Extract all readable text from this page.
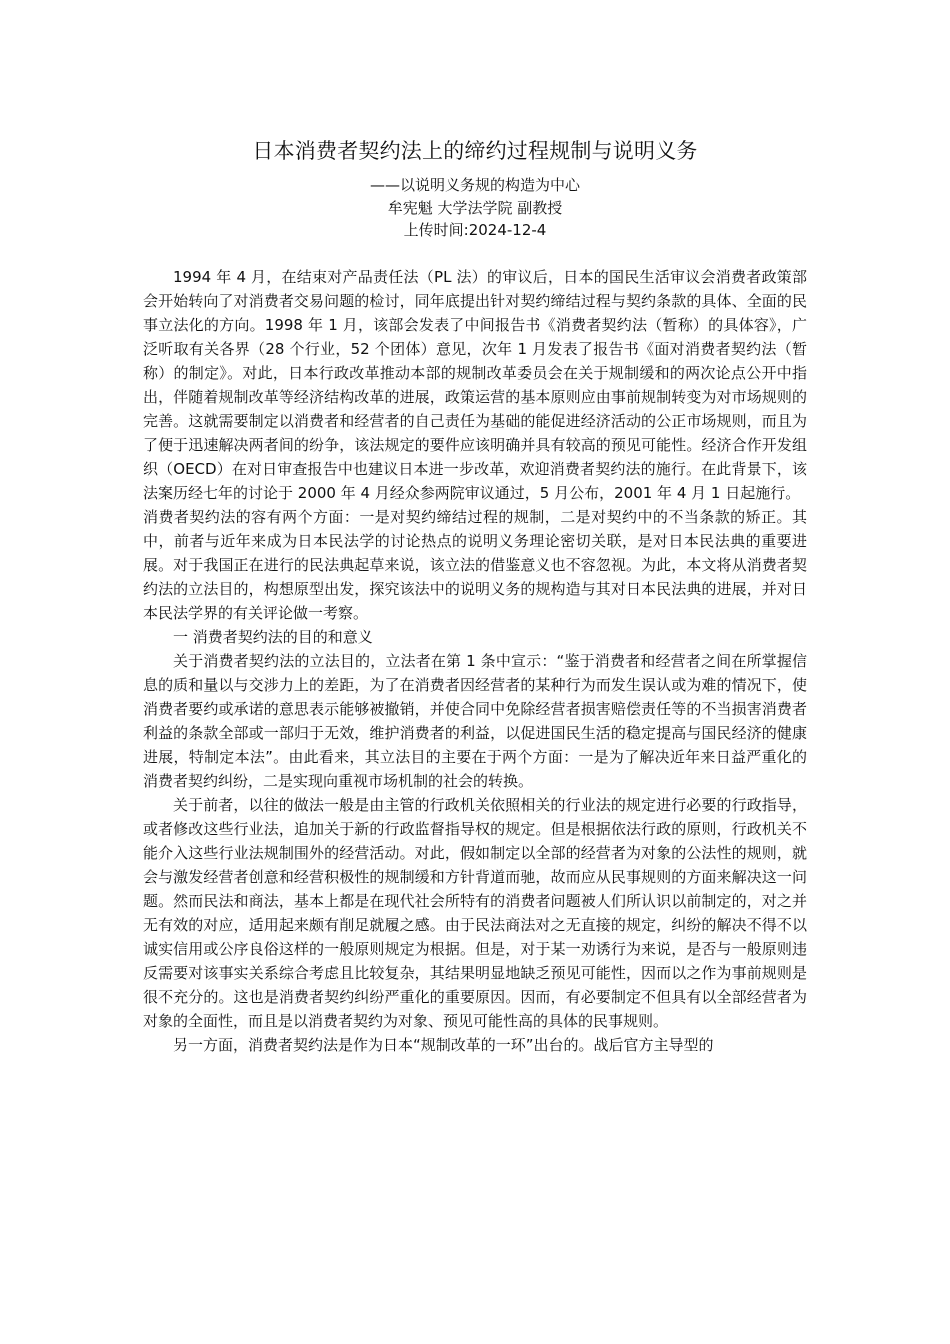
日本消费者契约法上的缔约过程规制与说明义务

——以说明义务规的构造为中心

牟宪魁 大学法学院 副教授

上传时间:2024-12-4

1994 年 4 月，在结束对产品责任法（PL 法）的审议后，日本的国民生活审议会消费者政策部会开始转向了对消费者交易问题的检讨，同年底提出针对契约缔结过程与契约条款的具体、全面的民事立法化的方向。1998 年 1 月，该部会发表了中间报告书《消费者契约法（暂称）的具体容》，广泛听取有关各界（28 个行业，52 个团体）意见，次年 1 月发表了报告书《面对消费者契约法（暂称）的制定》。对此，日本行政改革推动本部的规制改革委员会在关于规制缓和的两次论点公开中指出，伴随着规制改革等经济结构改革的进展，政策运营的基本原则应由事前规制转变为对市场规则的完善。这就需要制定以消费者和经营者的自己责任为基础的能促进经济活动的公正市场规则，而且为了便于迅速解决两者间的纷争，该法规定的要件应该明确并具有较高的预见可能性。经济合作开发组织（OECD）在对日审查报告中也建议日本进一步改革，欢迎消费者契约法的施行。在此背景下，该法案历经七年的讨论于 2000 年 4 月经众参两院审议通过，5 月公布，2001 年 4 月 1 日起施行。

消费者契约法的容有两个方面：一是对契约缔结过程的规制，二是对契约中的不当条款的矫正。其中，前者与近年来成为日本民法学的讨论热点的说明义务理论密切关联，是对日本民法典的重要进展。对于我国正在进行的民法典起草来说，该立法的借鉴意义也不容忽视。为此，本文将从消费者契约法的立法目的，构想原型出发，探究该法中的说明义务的规构造与其对日本民法典的进展，并对日本民法学界的有关评论做一考察。

一 消费者契约法的目的和意义

关于消费者契约法的立法目的，立法者在第 1 条中宣示：“鉴于消费者和经营者之间在所掌握信息的质和量以与交涉力上的差距，为了在消费者因经营者的某种行为而发生误认或为难的情况下，使消费者要约或承诺的意思表示能够被撤销，并使合同中免除经营者损害赔偿责任等的不当损害消费者利益的条款全部或一部归于无效，维护消费者的利益，以促进国民生活的稳定提高与国民经济的健康进展，特制定本法”。由此看来，其立法目的主要在于两个方面：一是为了解决近年来日益严重化的消费者契约纠纷，二是实现向重视市场机制的社会的转换。

关于前者，以往的做法一般是由主管的行政机关依照相关的行业法的规定进行必要的行政指导，或者修改这些行业法，追加关于新的行政监督指导权的规定。但是根据依法行政的原则，行政机关不能介入这些行业法规制围外的经营活动。对此，假如制定以全部的经营者为对象的公法性的规则，就会与激发经营者创意和经营积极性的规制缓和方针背道而驰，故而应从民事规则的方面来解决这一问题。然而民法和商法，基本上都是在现代社会所特有的消费者问题被人们所认识以前制定的，对之并无有效的对应，适用起来颇有削足就履之感。由于民法商法对之无直接的规定，纠纷的解决不得不以诚实信用或公序良俗这样的一般原则规定为根据。但是，对于某一劝诱行为来说，是否与一般原则违反需要对该事实关系综合考虑且比较复杂，其结果明显地缺乏预见可能性，因而以之作为事前规则是很不充分的。这也是消费者契约纠纷严重化的重要原因。因而，有必要制定不但具有以全部经营者为对象的全面性，而且是以消费者契约为对象、预见可能性高的具体的民事规则。

另一方面，消费者契约法是作为日本“规制改革的一环”出台的。战后官方主导型的
